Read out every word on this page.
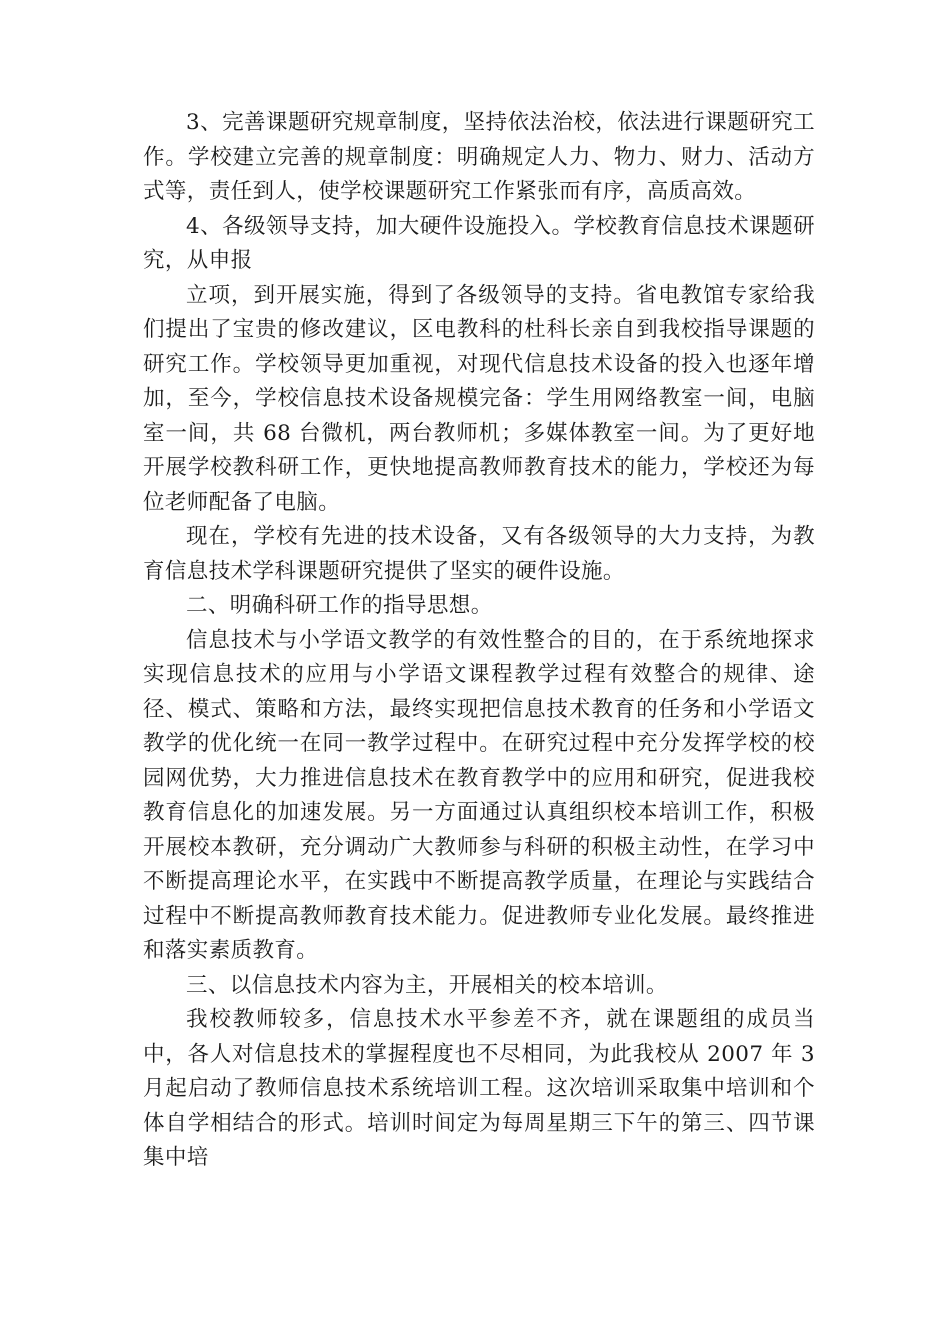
3、完善课题研究规章制度，坚持依法治校，依法进行课题研究工作。学校建立完善的规章制度：明确规定人力、物力、财力、活动方式等，责任到人，使学校课题研究工作紧张而有序，高质高效。

4、各级领导支持，加大硬件设施投入。学校教育信息技术课题研究，从申报

立项，到开展实施，得到了各级领导的支持。省电教馆专家给我们提出了宝贵的修改建议，区电教科的杜科长亲自到我校指导课题的研究工作。学校领导更加重视，对现代信息技术设备的投入也逐年增加，至今，学校信息技术设备规模完备：学生用网络教室一间，电脑室一间，共 68 台微机，两台教师机；多媒体教室一间。为了更好地开展学校教科研工作，更快地提高教师教育技术的能力，学校还为每位老师配备了电脑。

现在，学校有先进的技术设备，又有各级领导的大力支持，为教育信息技术学科课题研究提供了坚实的硬件设施。

二、明确科研工作的指导思想。

信息技术与小学语文教学的有效性整合的目的，在于系统地探求实现信息技术的应用与小学语文课程教学过程有效整合的规律、途径、模式、策略和方法，最终实现把信息技术教育的任务和小学语文教学的优化统一在同一教学过程中。在研究过程中充分发挥学校的校园网优势，大力推进信息技术在教育教学中的应用和研究，促进我校教育信息化的加速发展。另一方面通过认真组织校本培训工作，积极开展校本教研，充分调动广大教师参与科研的积极主动性，在学习中不断提高理论水平，在实践中不断提高教学质量，在理论与实践结合过程中不断提高教师教育技术能力。促进教师专业化发展。最终推进和落实素质教育。

三、以信息技术内容为主，开展相关的校本培训。

我校教师较多，信息技术水平参差不齐，就在课题组的成员当中，各人对信息技术的掌握程度也不尽相同，为此我校从 2007 年 3 月起启动了教师信息技术系统培训工程。这次培训采取集中培训和个体自学相结合的形式。培训时间定为每周星期三下午的第三、四节课集中培
